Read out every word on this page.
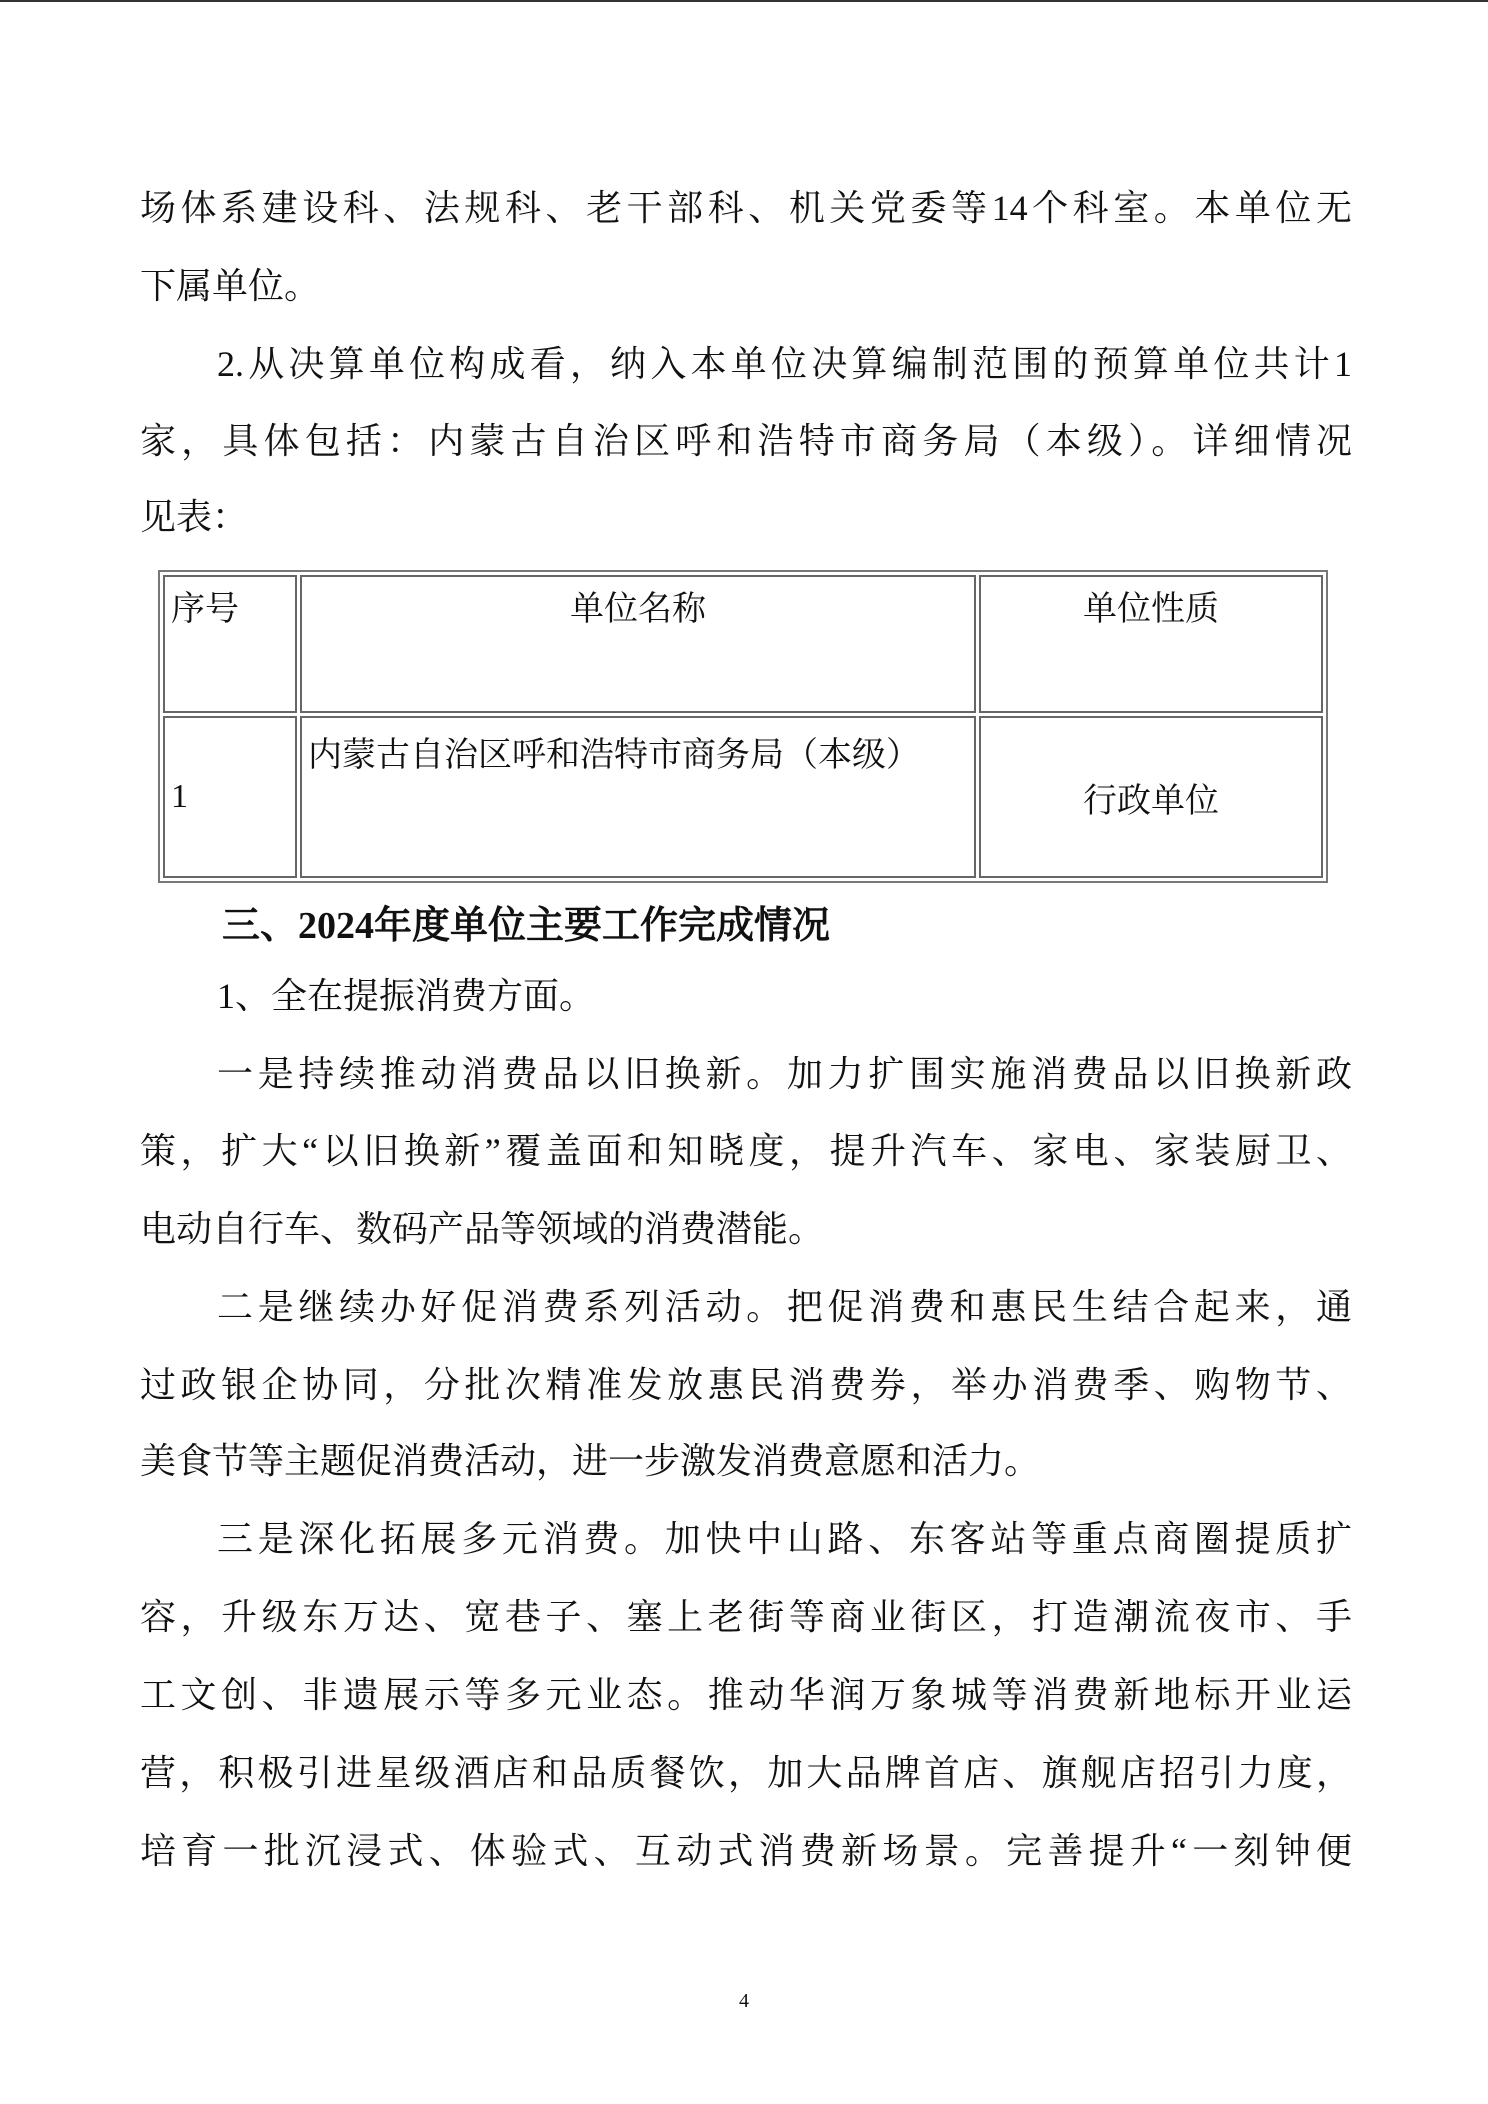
场体系建设科、法规科、老干部科、机关党委等14个科室。本单位无
下属单位。
2.从决算单位构成看，纳入本单位决算编制范围的预算单位共计1
家，具体包括：内蒙古自治区呼和浩特市商务局（本级）。详细情况
见表：
序号	单位名称	单位性质
1	内蒙古自治区呼和浩特市商务局（本级）	行政单位
三、2024年度单位主要工作完成情况
1、全在提振消费方面。
一是持续推动消费品以旧换新。加力扩围实施消费品以旧换新政
策，扩大“以旧换新”覆盖面和知晓度，提升汽车、家电、家装厨卫、
电动自行车、数码产品等领域的消费潜能。
二是继续办好促消费系列活动。把促消费和惠民生结合起来，通
过政银企协同，分批次精准发放惠民消费券，举办消费季、购物节、
美食节等主题促消费活动，进一步激发消费意愿和活力。
三是深化拓展多元消费。加快中山路、东客站等重点商圈提质扩
容，升级东万达、宽巷子、塞上老街等商业街区，打造潮流夜市、手
工文创、非遗展示等多元业态。推动华润万象城等消费新地标开业运
营，积极引进星级酒店和品质餐饮，加大品牌首店、旗舰店招引力度，
培育一批沉浸式、体验式、互动式消费新场景。完善提升“一刻钟便
4
